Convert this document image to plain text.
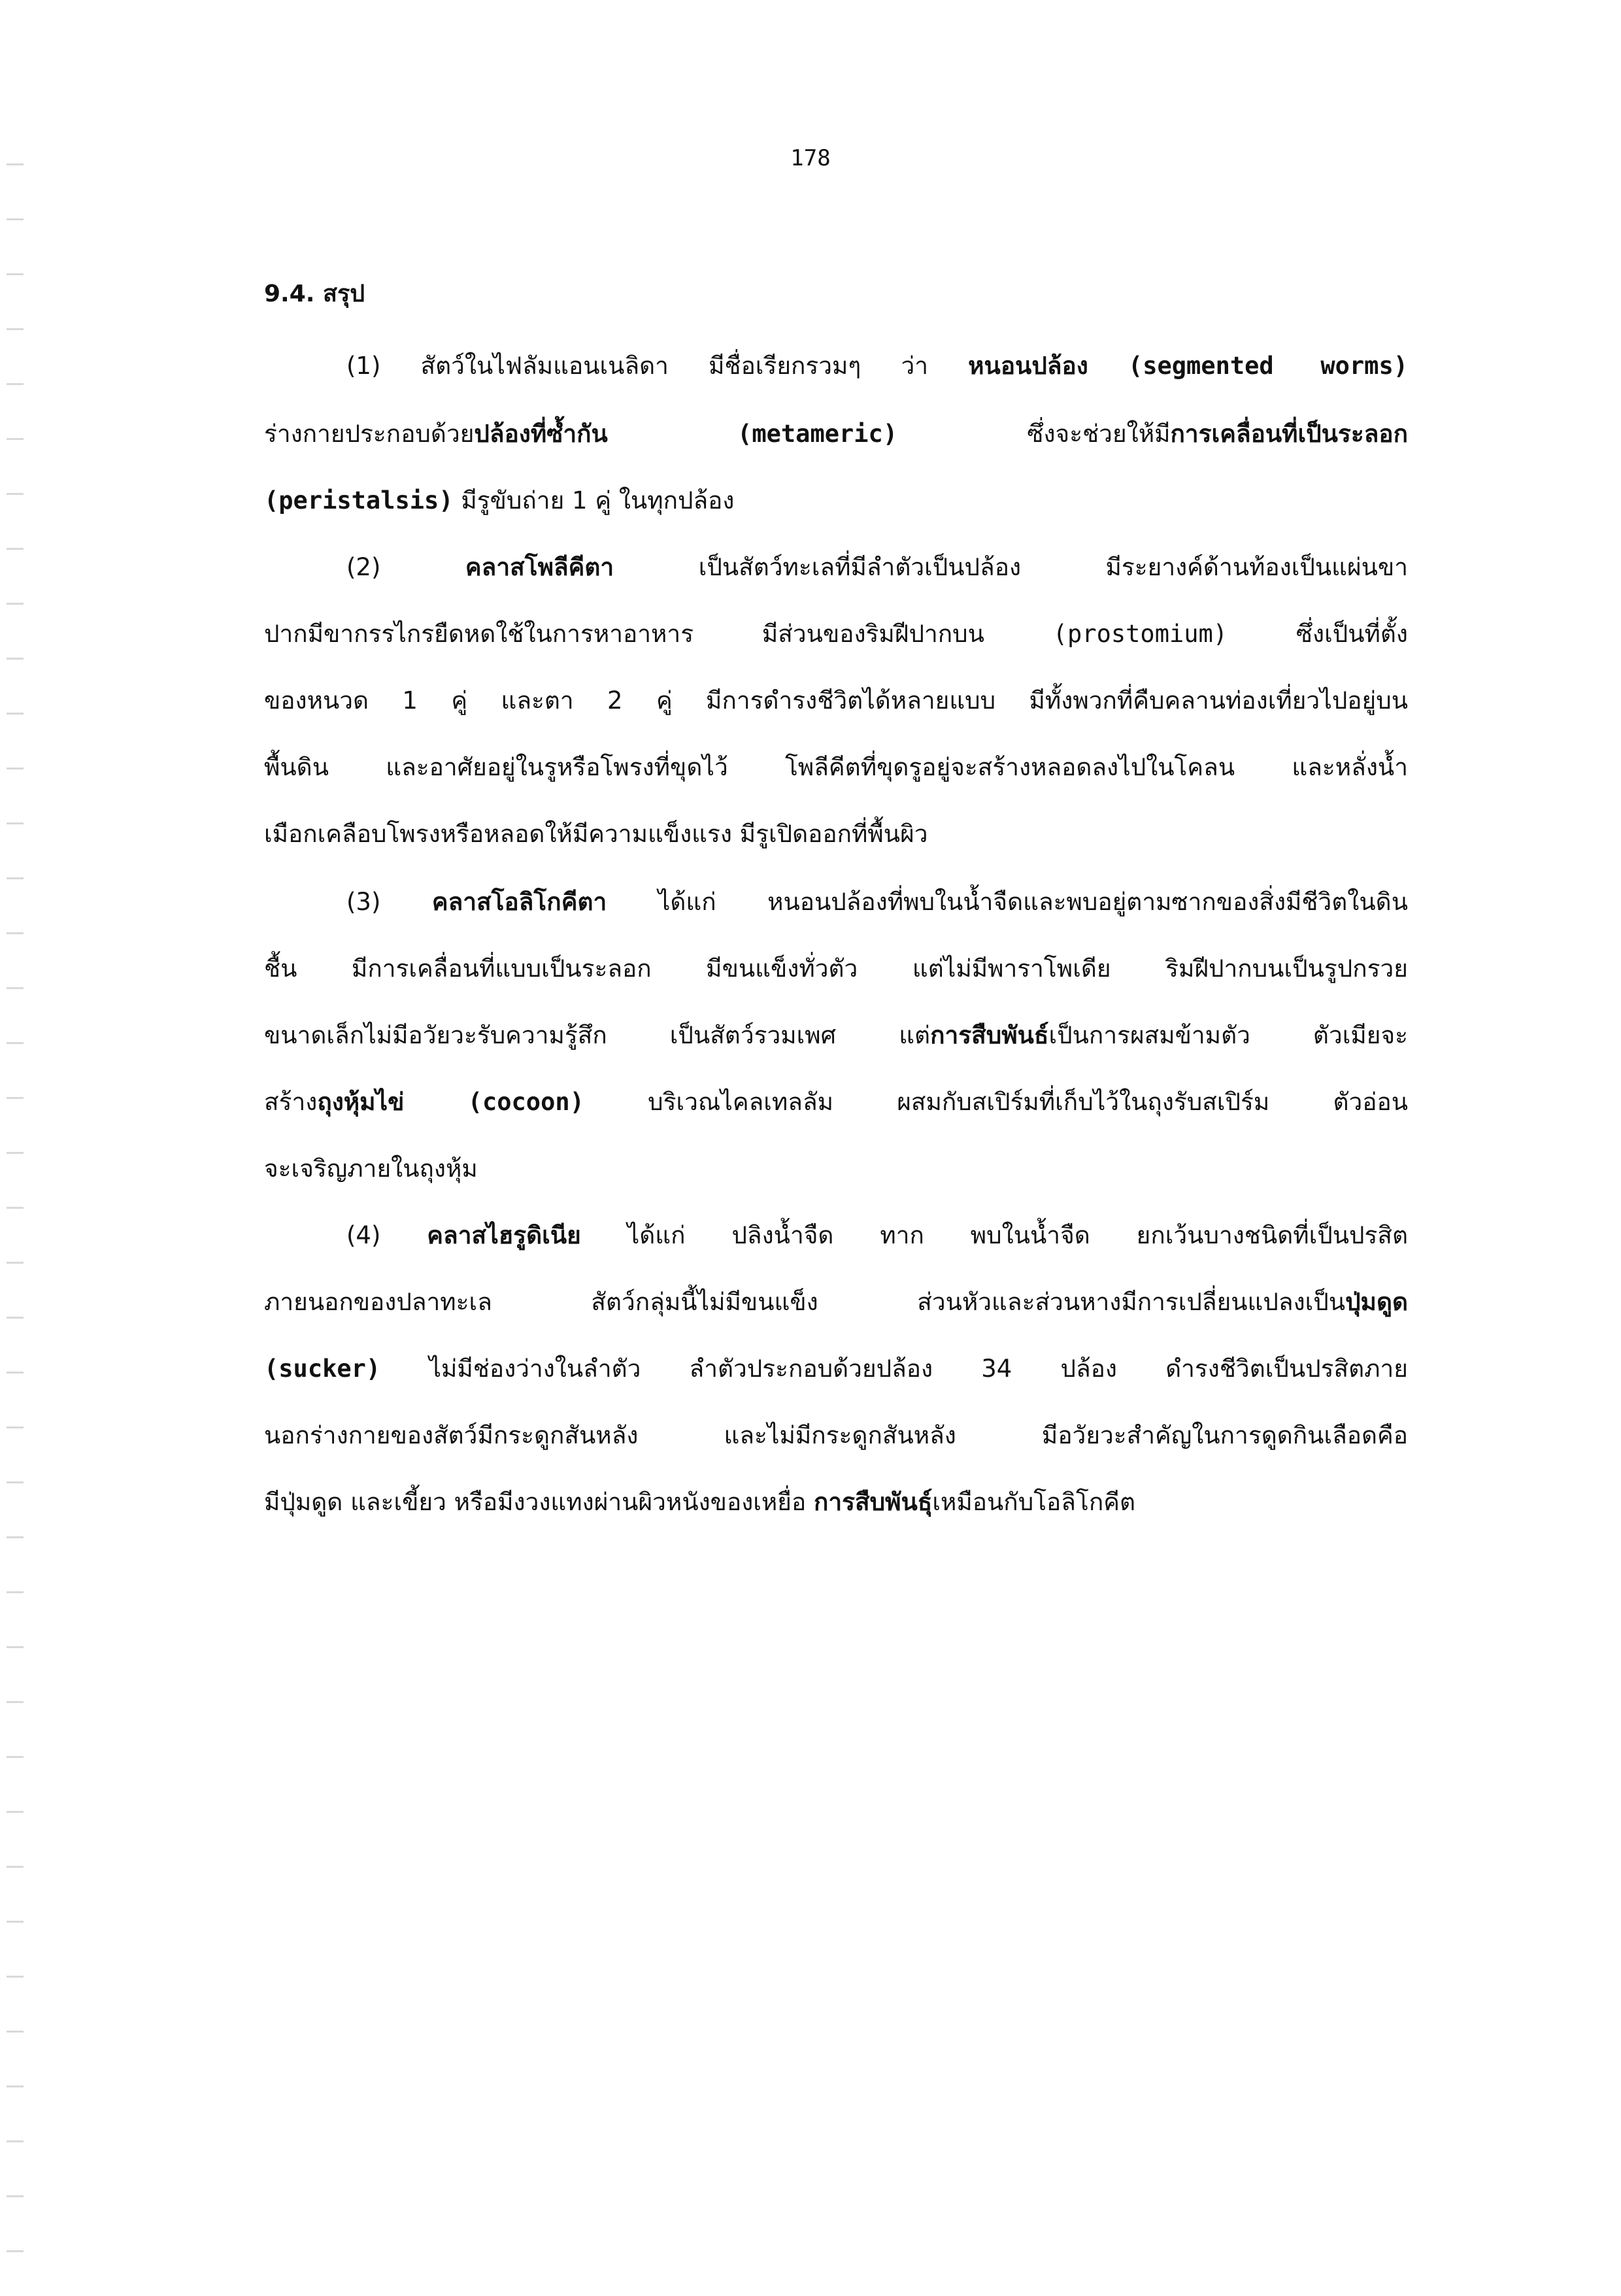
178
9.4. สรุป
(1) สัตว์ในไฟลัมแอนเนลิดา มีชื่อเรียกรวมๆ ว่า หนอนปล้อง (segmented worms)
ร่างกายประกอบด้วยปล้องที่ซ้ำกัน	(metameric) ซึ่งจะช่วยให้มีการเคลื่อนที่เป็นระลอก
(peristalsis) มีรูขับถ่าย 1 คู่ ในทุกปล้อง
(2) คลาสโพลีคีตา เป็นสัตว์ทะเลที่มีลำตัวเป็นปล้อง มีระยางค์ด้านท้องเป็นแผ่นขา
ปากมีขากรรไกรยืดหดใช้ในการหาอาหาร มีส่วนของริมฝีปากบน (prostomium) ซึ่งเป็นที่ตั้ง
ของหนวด 1 คู่ และตา 2 คู่ มีการดำรงชีวิตได้หลายแบบ มีทั้งพวกที่คืบคลานท่องเที่ยวไปอยู่บน
พื้นดิน และอาศัยอยู่ในรูหรือโพรงที่ขุดไว้ โพลีคีตที่ขุดรูอยู่จะสร้างหลอดลงไปในโคลน และหลั่งน้ำ
เมือกเคลือบโพรงหรือหลอดให้มีความแข็งแรง มีรูเปิดออกที่พื้นผิว
(3) คลาสโอลิโกคีตา ได้แก่ หนอนปล้องที่พบในน้ำจืดและพบอยู่ตามซากของสิ่งมีชีวิตในดิน
ชื้น มีการเคลื่อนที่แบบเป็นระลอก มีขนแข็งทั่วตัว แต่ไม่มีพาราโพเดีย ริมฝีปากบนเป็นรูปกรวย
ขนาดเล็กไม่มีอวัยวะรับความรู้สึก เป็นสัตว์รวมเพศ แต่การสืบพันธ์เป็นการผสมข้ามตัว ตัวเมียจะ
สร้างถุงหุ้มไข่	(cocoon) บริเวณไคลเทลลัม ผสมกับสเปิร์มที่เก็บไว้ในถุงรับสเปิร์ม ตัวอ่อน
จะเจริญภายในถุงหุ้ม
(4) คลาสไฮรูดิเนีย ได้แก่ ปลิงน้ำจืด ทาก พบในน้ำจืด ยกเว้นบางชนิดที่เป็นปรสิต
ภายนอกของปลาทะเล สัตว์กลุ่มนี้ไม่มีขนแข็ง ส่วนหัวและส่วนหางมีการเปลี่ยนแปลงเป็นปุ่มดูด
(sucker) ไม่มีช่องว่างในลำตัว ลำตัวประกอบด้วยปล้อง 34 ปล้อง ดำรงชีวิตเป็นปรสิตภาย
นอกร่างกายของสัตว์มีกระดูกสันหลัง และไม่มีกระดูกสันหลัง มีอวัยวะสำคัญในการดูดกินเลือดคือ
มีปุ่มดูด และเขี้ยว หรือมีงวงแทงผ่านผิวหนังของเหยื่อ การสืบพันธุ์เหมือนกับโอลิโกคีต
